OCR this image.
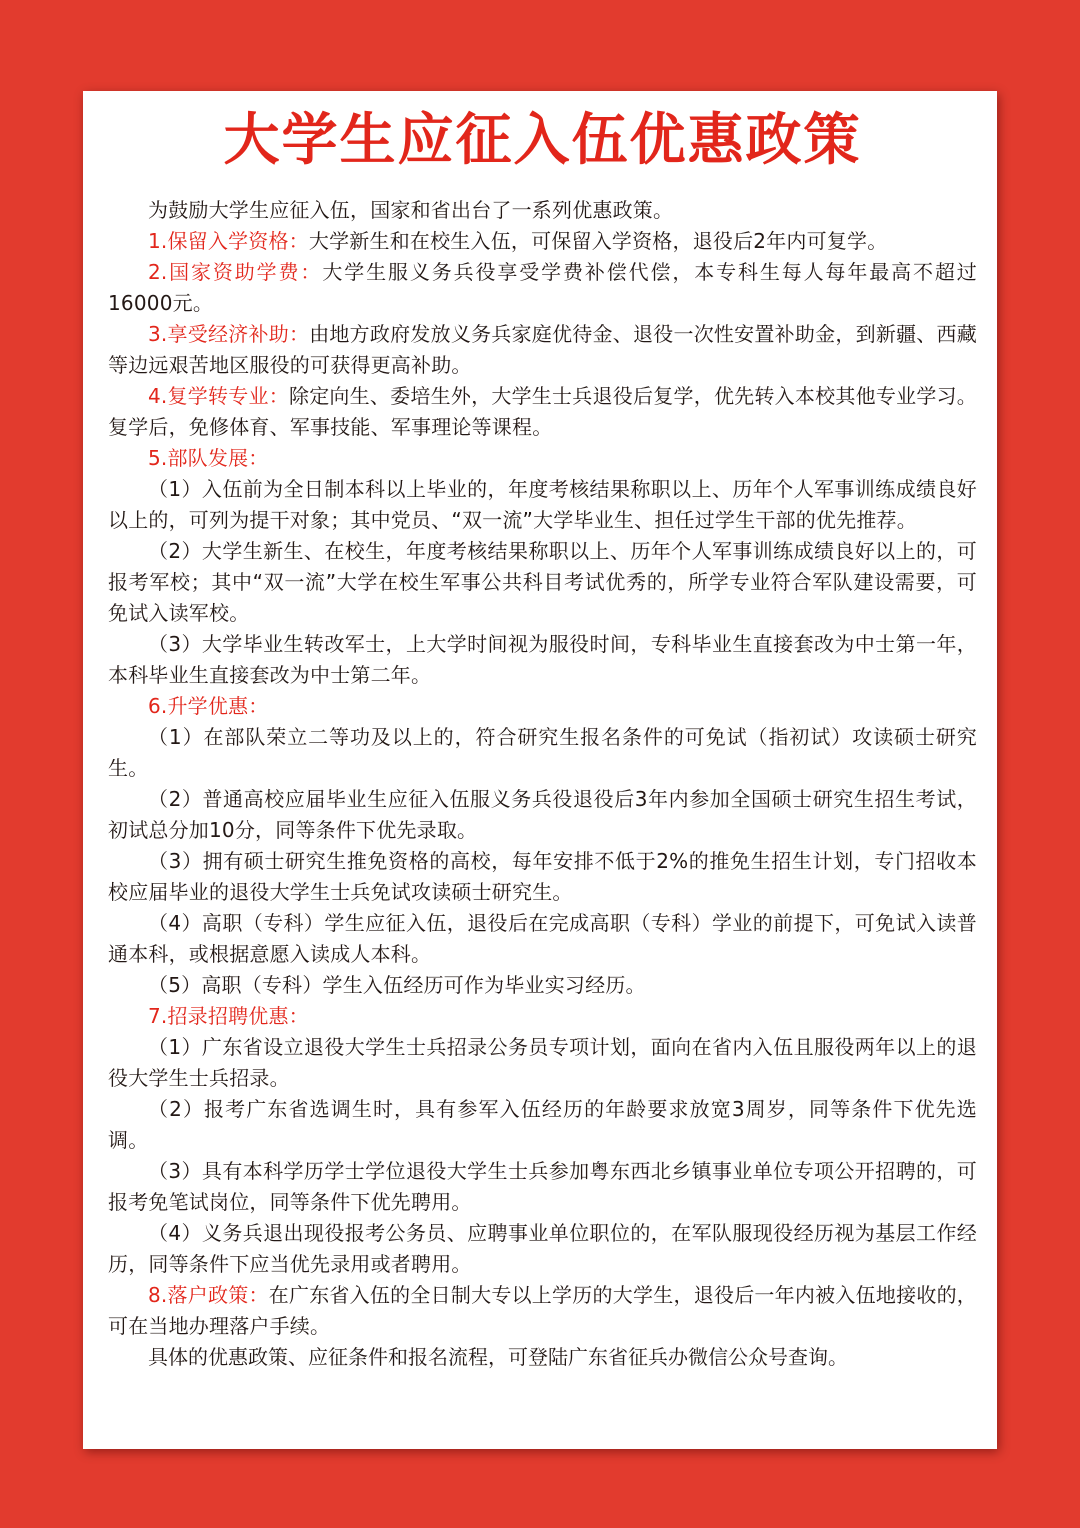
大学生应征入伍优惠政策

为鼓励大学生应征入伍，国家和省出台了一系列优惠政策。

1.保留入学资格：大学新生和在校生入伍，可保留入学资格，退役后2年内可复学。

2.国家资助学费：大学生服义务兵役享受学费补偿代偿，本专科生每人每年最高不超过16000元。

3.享受经济补助：由地方政府发放义务兵家庭优待金、退役一次性安置补助金，到新疆、西藏等边远艰苦地区服役的可获得更高补助。

4.复学转专业：除定向生、委培生外，大学生士兵退役后复学，优先转入本校其他专业学习。复学后，免修体育、军事技能、军事理论等课程。

5.部队发展：

（1）入伍前为全日制本科以上毕业的，年度考核结果称职以上、历年个人军事训练成绩良好以上的，可列为提干对象；其中党员、“双一流”大学毕业生、担任过学生干部的优先推荐。

（2）大学生新生、在校生，年度考核结果称职以上、历年个人军事训练成绩良好以上的，可报考军校；其中“双一流”大学在校生军事公共科目考试优秀的，所学专业符合军队建设需要，可免试入读军校。

（3）大学毕业生转改军士，上大学时间视为服役时间，专科毕业生直接套改为中士第一年，本科毕业生直接套改为中士第二年。

6.升学优惠：

（1）在部队荣立二等功及以上的，符合研究生报名条件的可免试（指初试）攻读硕士研究生。

（2）普通高校应届毕业生应征入伍服义务兵役退役后3年内参加全国硕士研究生招生考试，初试总分加10分，同等条件下优先录取。

（3）拥有硕士研究生推免资格的高校，每年安排不低于2%的推免生招生计划，专门招收本校应届毕业的退役大学生士兵免试攻读硕士研究生。

（4）高职（专科）学生应征入伍，退役后在完成高职（专科）学业的前提下，可免试入读普通本科，或根据意愿入读成人本科。

（5）高职（专科）学生入伍经历可作为毕业实习经历。

7.招录招聘优惠：

（1）广东省设立退役大学生士兵招录公务员专项计划，面向在省内入伍且服役两年以上的退役大学生士兵招录。

（2）报考广东省选调生时，具有参军入伍经历的年龄要求放宽3周岁，同等条件下优先选调。

（3）具有本科学历学士学位退役大学生士兵参加粤东西北乡镇事业单位专项公开招聘的，可报考免笔试岗位，同等条件下优先聘用。

（4）义务兵退出现役报考公务员、应聘事业单位职位的，在军队服现役经历视为基层工作经历，同等条件下应当优先录用或者聘用。

8.落户政策：在广东省入伍的全日制大专以上学历的大学生，退役后一年内被入伍地接收的，可在当地办理落户手续。

具体的优惠政策、应征条件和报名流程，可登陆广东省征兵办微信公众号查询。
